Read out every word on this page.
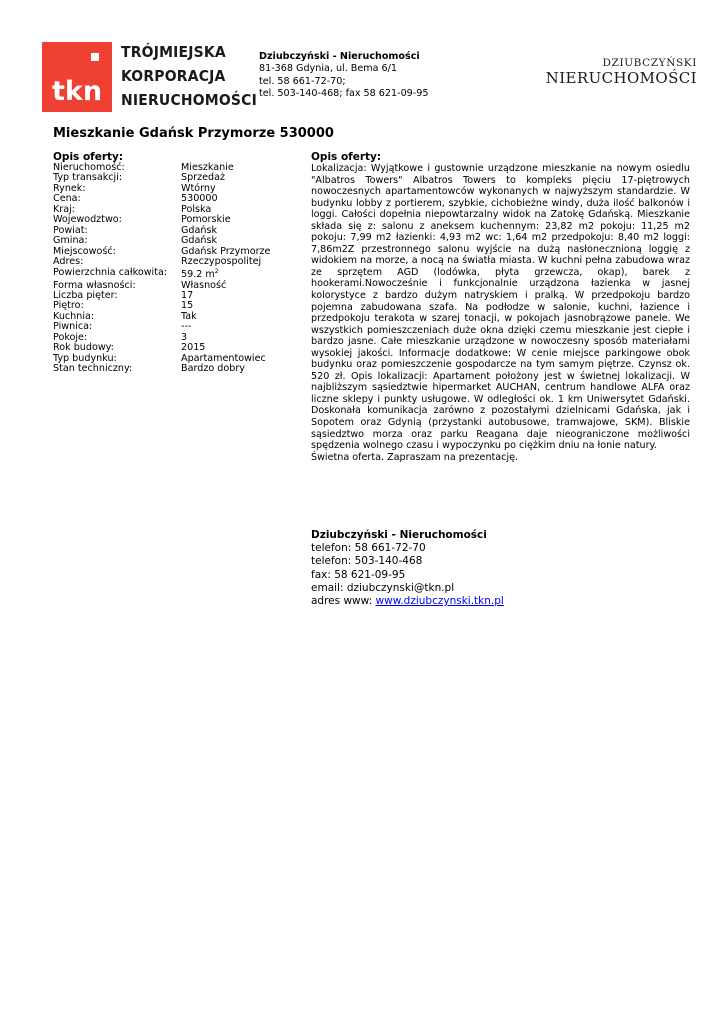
tkn
TRÓJMIEJSKA
KORPORACJA
NIERUCHOMOŚCI
Dziubczyński - Nieruchomości
81-368 Gdynia, ul. Bema 6/1
tel. 58 661-72-70;
tel. 503-140-468; fax 58 621-09-95
DZIUBCZYŃSKI
NIERUCHOMOŚCI
Mieszkanie Gdańsk Przymorze 530000
Opis oferty:
Nieruchomość:	Mieszkanie
Typ transakcji:	Sprzedaż
Rynek:	Wtórny
Cena:	530000
Kraj:	Polska
Wojewodztwo:	Pomorskie
Powiat:	Gdańsk
Gmina:	Gdańsk
Miejscowość:	Gdańsk Przymorze
Adres:	Rzeczypospolitej
Powierzchnia całkowita:	59.2 $m^2$
Forma własności:	Własność
Liczba pięter:	17
Piętro:	15
Kuchnia:	Tak
Piwnica:	---
Pokoje:	3
Rok budowy:	2015
Typ budynku:	Apartamentowiec
Stan techniczny:	Bardzo dobry
Opis oferty:

Lokalizacja: Wyjątkowe i gustownie urządzone mieszkanie na nowym osiedlu "Albatros Towers" Albatros Towers to kompleks pięciu 17-piętrowych nowoczesnych apartamentowców wykonanych w najwyższym standardzie. W budynku lobby z portierem, szybkie, cichobieżne windy, duża ilość balkonów i loggi. Całości dopełnia niepowtarzalny widok na Zatokę Gdańską. Mieszkanie składa się z: salonu z aneksem kuchennym: 23,82 m2 pokoju: 11,25 m2 pokoju: 7,99 m2 łazienki: 4,93 m2 wc: 1,64 m2 przedpokoju: 8,40 m2 loggi: 7,86m2Z przestronnego salonu wyjście na dużą nasłonecznioną loggię z widokiem na morze, a nocą na światła miasta. W kuchni pełna zabudowa wraz ze sprzętem AGD (lodówka, płyta grzewcza, okap), barek z hookerami.Nowocześnie i funkcjonalnie urządzona łazienka w jasnej kolorystyce z bardzo dużym natryskiem i pralką. W przedpokoju bardzo pojemna zabudowana szafa. Na podłodze w salonie, kuchni, łazience i przedpokoju terakota w szarej tonacji, w pokojach jasnobrązowe panele. We wszystkich pomieszczeniach duże okna dzięki czemu mieszkanie jest ciepłe i bardzo jasne. Całe mieszkanie urządzone w nowoczesny sposób materiałami wysokiej jakości. Informacje dodatkowe: W cenie miejsce parkingowe obok budynku oraz pomieszczenie gospodarcze na tym samym piętrze. Czynsz ok. 520 zł. Opis lokalizacji: Apartament położony jest w świetnej lokalizacji. W najbliższym sąsiedztwie hipermarket AUCHAN, centrum handlowe ALFA oraz liczne sklepy i punkty usługowe. W odległości ok. 1 km Uniwersytet Gdański. Doskonała komunikacja zarówno z pozostałymi dzielnicami Gdańska, jak i Sopotem oraz Gdynią (przystanki autobusowe, tramwajowe, SKM). Bliskie sąsiedztwo morza oraz parku Reagana daje nieograniczone możliwości spędzenia wolnego czasu i wypoczynku po ciężkim dniu na łonie natury.
Świetna oferta. Zapraszam na prezentację.

Dziubczyński - Nieruchomości
telefon: 58 661-72-70
telefon: 503-140-468
fax: 58 621-09-95
email: dziubczynski@tkn.pl
adres www: www.dziubczynski.tkn.pl
